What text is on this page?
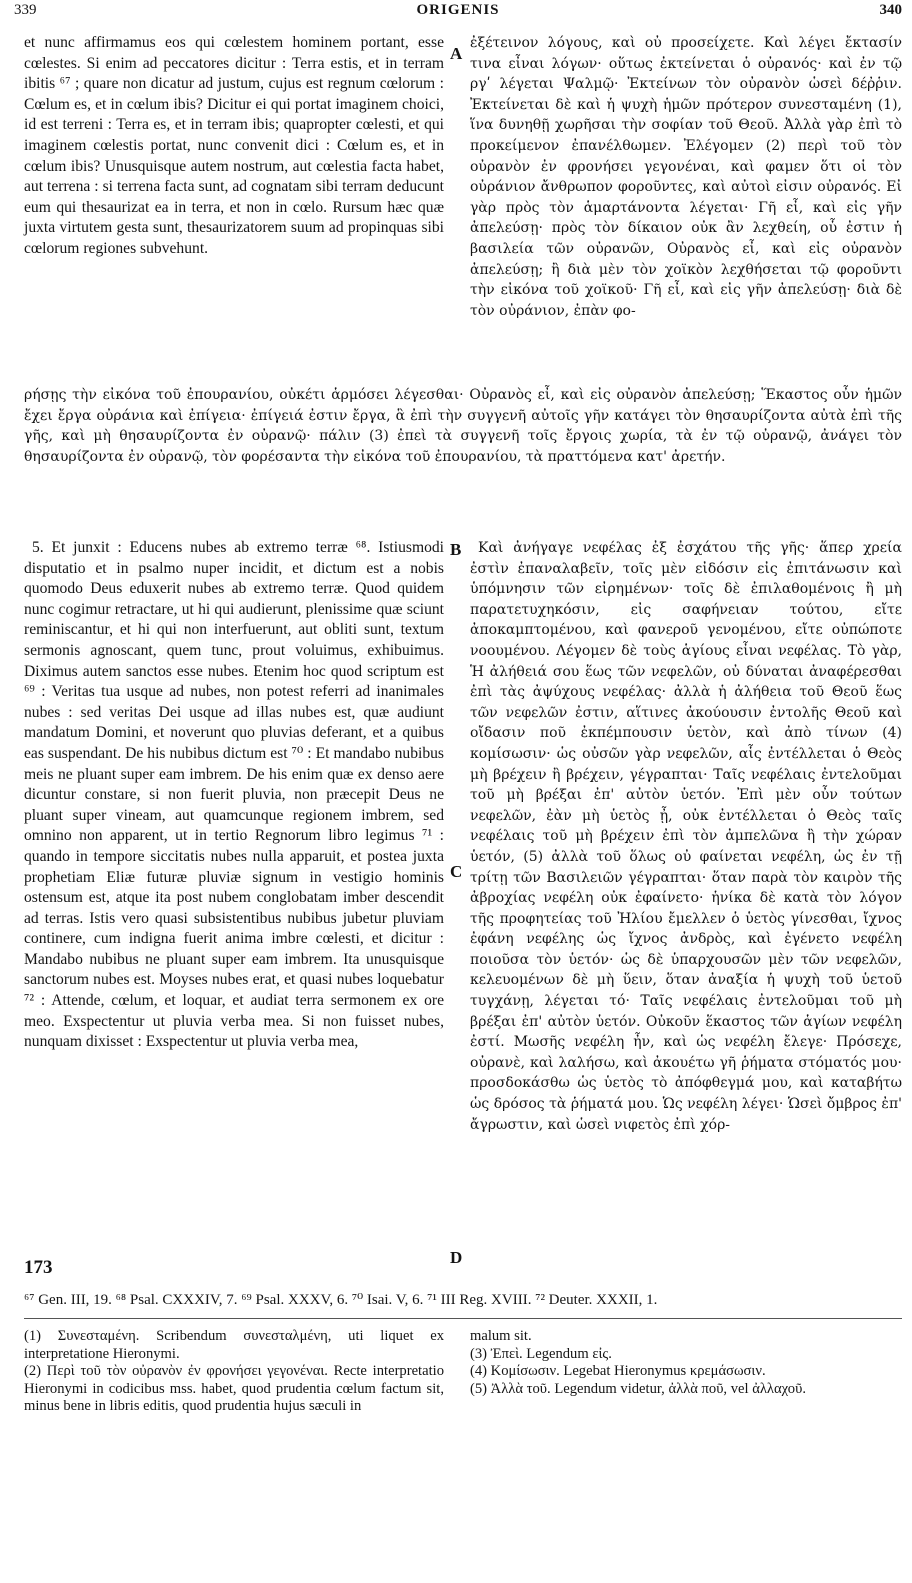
339	ORIGENIS	340

et nunc affirmamus eos qui cœlestem hominem portant, esse cœlestes. Si enim ad peccatores dicitur : Terra estis, et in terram ibitis ⁶⁷ ; quare non dicatur ad justum, cujus est regnum cœlorum : Cœlum es, et in cœlum ibis? Dicitur ei qui portat imaginem choici, id est terreni : Terra es, et in terram ibis; quapropter cœlesti, et qui imaginem cœlestis portat, nunc convenit dici : Cœlum es, et in cœlum ibis? Unusquisque autem nostrum, aut cœlestia facta habet, aut terrena : si terrena facta sunt, ad cognatam sibi terram deducunt eum qui thesaurizat ea in terra, et non in cœlo. Rursum hæc quæ juxta virtutem gesta sunt, thesaurizatorem suum ad propinquas sibi cœlorum regiones subvehunt.

A

ἐξέτεινον λόγους, καὶ οὐ προσείχετε. Καὶ λέγει ἔκτασίν τινα εἶναι λόγων· οὕτως ἐκτείνεται ὁ οὐρανός· καὶ ἐν τῷ ργʹ λέγεται Ψαλμῷ· Ἐκτείνων τὸν οὐρανὸν ὡσεὶ δέῤῥιν. Ἐκτείνεται δὲ καὶ ἡ ψυχὴ ἡμῶν πρότερον συνεσταμένη (1), ἵνα δυνηθῇ χωρῆσαι τὴν σοφίαν τοῦ Θεοῦ. Ἀλλὰ γὰρ ἐπὶ τὸ προκείμενον ἐπανέλθωμεν. Ἐλέγομεν (2) περὶ τοῦ τὸν οὐρανὸν ἐν φρονήσει γεγονέναι, καὶ φαμεν ὅτι οἱ τὸν οὐράνιον ἄνθρωπον φοροῦντες, καὶ αὐτοὶ εἰσιν οὐρανός. Εἰ γὰρ πρὸς τὸν ἁμαρτάνοντα λέγεται· Γῆ εἶ, καὶ εἰς γῆν ἀπελεύσῃ· πρὸς τὸν δίκαιον οὐκ ἂν λεχθείη, οὗ ἐστιν ἡ βασιλεία τῶν οὐρανῶν, Οὐρανὸς εἶ, καὶ εἰς οὐρανὸν ἀπελεύσῃ; ἢ διὰ μὲν τὸν χοϊκὸν λεχθήσεται τῷ φοροῦντι τὴν εἰκόνα τοῦ χοϊκοῦ· Γῆ εἶ, καὶ εἰς γῆν ἀπελεύσῃ· διὰ δὲ τὸν οὐράνιον, ἐπὰν φο-

ρήσῃς τὴν εἰκόνα τοῦ ἐπουρανίου, οὐκέτι ἁρμόσει λέγεσθαι· Οὐρανὸς εἶ, καὶ εἰς οὐρανὸν ἀπελεύσῃ; Ἕκαστος οὖν ἡμῶν ἔχει ἔργα οὐράνια καὶ ἐπίγεια· ἐπίγειά ἐστιν ἔργα, ἃ ἐπὶ τὴν συγγενῆ αὐτοῖς γῆν κατάγει τὸν θησαυρίζοντα αὐτὰ ἐπὶ τῆς γῆς, καὶ μὴ θησαυρίζοντα ἐν οὐρανῷ· πάλιν (3) ἐπεὶ τὰ συγγενῆ τοῖς ἔργοις χωρία, τὰ ἐν τῷ οὐρανῷ, ἀνάγει τὸν θησαυρίζοντα ἐν οὐρανῷ, τὸν φορέσαντα τὴν εἰκόνα τοῦ ἐπουρανίου, τὰ πραττόμενα κατ' ἀρετήν.

5. Et junxit : Educens nubes ab extremo terræ ⁶⁸. Istiusmodi disputatio et in psalmo nuper incidit, et dictum est a nobis quomodo Deus eduxerit nubes ab extremo terræ. Quod quidem nunc cogimur retractare, ut hi qui audierunt, plenissime quæ sciunt reminiscantur, et hi qui non interfuerunt, aut obliti sunt, textum sermonis agnoscant, quem tunc, prout voluimus, exhibuimus. Diximus autem sanctos esse nubes. Etenim hoc quod scriptum est ⁶⁹ : Veritas tua usque ad nubes, non potest referri ad inanimales nubes : sed veritas Dei usque ad illas nubes est, quæ audiunt mandatum Domini, et noverunt quo pluvias deferant, et a quibus eas suspendant. De his nubibus dictum est ⁷⁰ : Et mandabo nubibus meis ne pluant super eam imbrem. De his enim quæ ex denso aere dicuntur constare, si non fuerit pluvia, non præcepit Deus ne pluant super vineam, aut quamcunque regionem imbrem, sed omnino non apparent, ut in tertio Regnorum libro legimus ⁷¹ : quando in tempore siccitatis nubes nulla apparuit, et postea juxta prophetiam Eliæ futuræ pluviæ signum in vestigio hominis ostensum est, atque ita post nubem conglobatam imber descendit ad terras. Istis vero quasi subsistentibus nubibus jubetur pluviam continere, cum indigna fuerit anima imbre cœlesti, et dicitur : Mandabo nubibus ne pluant super eam imbrem. Ita unusquisque sanctorum nubes est. Moyses nubes erat, et quasi nubes loquebatur ⁷² : Attende, cœlum, et loquar, et audiat terra sermonem ex ore meo. Exspectentur ut pluvia verba mea. Si non fuisset nubes, nunquam dixisset : Exspectentur ut pluvia verba mea,

B
C
D

Καὶ ἀνήγαγε νεφέλας ἐξ ἐσχάτου τῆς γῆς· ἅπερ χρεία ἐστὶν ἐπαναλαβεῖν, τοῖς μὲν εἰδόσιν εἰς ἐπιτάνωσιν καὶ ὑπόμνησιν τῶν εἰρημένων· τοῖς δὲ ἐπιλαθομένοις ἢ μὴ παρατετυχηκόσιν, εἰς σαφήνειαν τούτου, εἴτε ἀποκαμπτομένου, καὶ φανεροῦ γενομένου, εἴτε οὐπώποτε νοουμένου. Λέγομεν δὲ τοὺς ἁγίους εἶναι νεφέλας. Τὸ γὰρ, Ἡ ἀλήθειά σου ἕως τῶν νεφελῶν, οὐ δύναται ἀναφέρεσθαι ἐπὶ τὰς ἀψύχους νεφέλας· ἀλλὰ ἡ ἀλήθεια τοῦ Θεοῦ ἕως τῶν νεφελῶν ἐστιν, αἵτινες ἀκούουσιν ἐντολῆς Θεοῦ καὶ οἴδασιν ποῦ ἐκπέμπουσιν ὑετὸν, καὶ ἀπὸ τίνων (4) κομίσωσιν· ὡς οὐσῶν γὰρ νεφελῶν, αἷς ἐντέλλεται ὁ Θεὸς μὴ βρέχειν ἢ βρέχειν, γέγραπται· Ταῖς νεφέλαις ἐντελοῦμαι τοῦ μὴ βρέξαι ἐπ' αὐτὸν ὑετόν. Ἐπὶ μὲν οὖν τούτων νεφελῶν, ἐὰν μὴ ὑετὸς ᾖ, οὐκ ἐντέλλεται ὁ Θεὸς ταῖς νεφέλαις τοῦ μὴ βρέχειν ἐπὶ τὸν ἀμπελῶνα ἢ τὴν χώραν ὑετόν, (5) ἀλλὰ τοῦ ὅλως οὐ φαίνεται νεφέλη, ὡς ἐν τῇ τρίτῃ τῶν Βασιλειῶν γέγραπται· ὅταν παρὰ τὸν καιρὸν τῆς ἀβροχίας νεφέλη οὐκ ἐφαίνετο· ἡνίκα δὲ κατὰ τὸν λόγον τῆς προφητείας τοῦ Ἠλίου ἔμελλεν ὁ ὑετὸς γίνεσθαι, ἴχνος ἐφάνη νεφέλης ὡς ἴχνος ἀνδρὸς, καὶ ἐγένετο νεφέλη ποιοῦσα τὸν ὑετόν· ὡς δὲ ὑπαρχουσῶν μὲν τῶν νεφελῶν, κελευομένων δὲ μὴ ὕειν, ὅταν ἀναξία ἡ ψυχὴ τοῦ ὑετοῦ τυγχάνῃ, λέγεται τό· Ταῖς νεφέλαις ἐντελοῦμαι τοῦ μὴ βρέξαι ἐπ' αὐτὸν ὑετόν. Οὐκοῦν ἕκαστος τῶν ἁγίων νεφέλη ἐστί. Μωσῆς νεφέλη ἦν, καὶ ὡς νεφέλη ἔλεγε· Πρόσεχε, οὐρανὲ, καὶ λαλήσω, καὶ ἀκουέτω γῆ ῥήματα στόματός μου· προσδοκάσθω ὡς ὑετὸς τὸ ἀπόφθεγμά μου, καὶ καταβήτω ὡς δρόσος τὰ ῥήματά μου. Ὡς νεφέλη λέγει· Ὡσεὶ ὄμβρος ἐπ' ἄγρωστιν, καὶ ὡσεὶ νιφετὸς ἐπὶ χόρ-

173
⁶⁷ Gen. III, 19. ⁶⁸ Psal. CXXXIV, 7. ⁶⁹ Psal. XXXV, 6. ⁷⁰ Isai. V, 6. ⁷¹ III Reg. XVIII. ⁷² Deuter. XXXII, 1.

(1) Συνεσταμένη. Scribendum συνεσταλμένη, uti liquet ex interpretatione Hieronymi.

(2) Περὶ τοῦ τὸν οὐρανὸν ἐν φρονήσει γεγονέναι. Recte interpretatio Hieronymi in codicibus mss. habet, quod prudentia cœlum factum sit, minus bene in libris editis, quod prudentia hujus sæculi in

malum sit.

(3) Ἐπεὶ. Legendum εἰς.

(4) Κομίσωσιν. Legebat Hieronymus κρεμάσωσιν.

(5) Ἀλλὰ τοῦ. Legendum videtur, ἀλλὰ ποῦ, vel ἀλλαχοῦ.
